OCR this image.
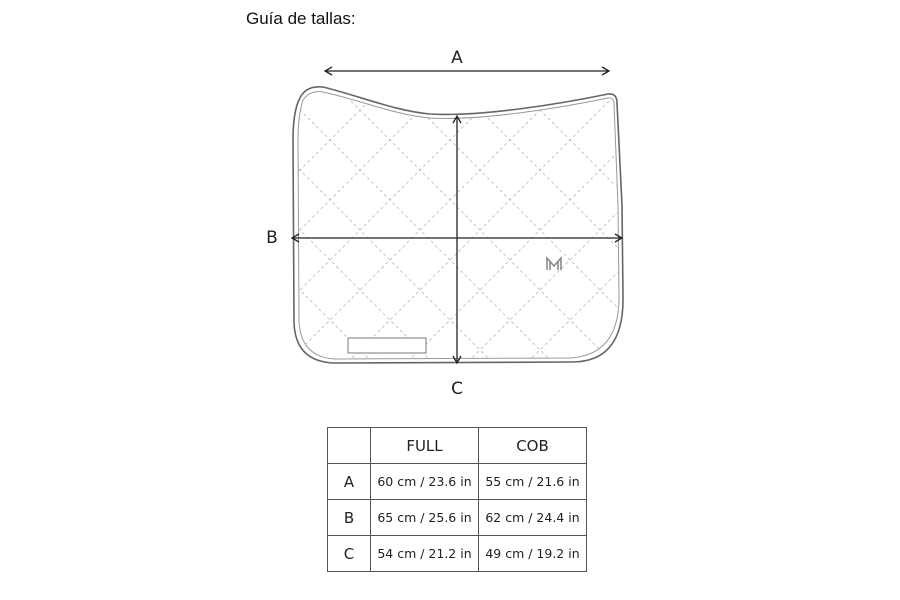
Guía de tallas:
A
B
C
	FULL	COB
A	60 cm / 23.6 in	55 cm / 21.6 in
B	65 cm / 25.6 in	62 cm / 24.4 in
C	54 cm / 21.2 in	49 cm / 19.2 in
